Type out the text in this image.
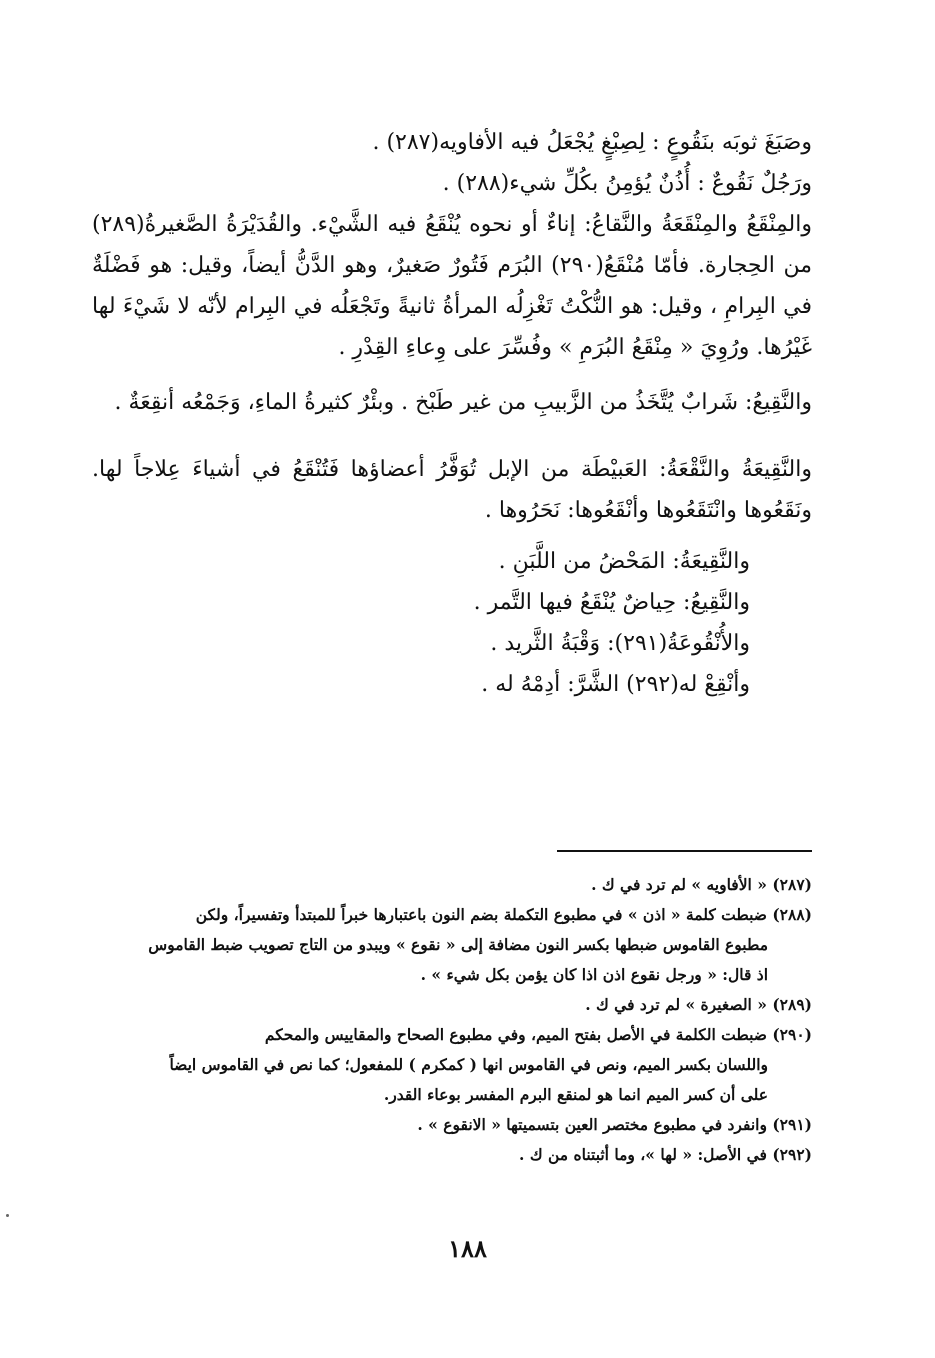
وصَبَغَ ثوبَه بنَقُوعٍ : لِصِبْغٍ يُجْعَلُ فيه الأفاويه(٢٨٧) .

ورَجُلٌ نَقُوعٌ : أُذُنٌ يُؤمِنُ بكُلِّ شيء(٢٨٨) .

والمِنْقَعُ والمِنْقَعَةُ والنَّقاعُ: إناءٌ أو نحوه يُنْقَعُ فيه الشَّيْء. والقُدَيْرَةُ الصَّغيرةُ(٢٨٩) من الحِجارة. فأمّا مُنْقَعُ(٢٩٠) البُرَم فَتُورٌ صَغيرٌ، وهو الدَّنُّ أيضاً، وقيل: هو فَضْلَةٌ في البِرامِ ، وقيل: هو النُّكْتُ تَغْزِلُه المرأةُ ثانيةً وتَجْعَلُه في البِرام لأنّه لا شَيْءَ لها غَيْرُها. ورُوِيَ « مِنْقَعُ البُرَمِ » وفُسِّرَ على وِعاءِ القِدْرِ .

والنَّقِيعُ: شَرابٌ يُتَّخَذُ من الزَّبيبِ من غير طَبْخ . وبئْرٌ كثيرةُ الماءِ، وَجَمْعُه أنقِعَةٌ .

والنَّقِيعَةُ والنَّقْعَةُ: العَبيْطَة من الإبل تُوَفَّرُ أعضاؤها فَتُنْقَعُ في أشياءَ عِلاجاً لها. ونَقَعُوها وانْتَقَعُوها وأنْقَعُوها: نَحَرُوها .

والنَّقِيعَةُ: المَحْضُ من اللَّبَنِ .
والنَّقِيعُ: حِياضٌ يُنْقَعُ فيها التَّمر .
والأُنْقُوعَةُ(٢٩١): وَقْبَةُ الثَّريد .
وأنْقِعْ له(٢٩٢) الشَّرَّ: أدِمْهُ له .

(٢٨٧) « الأفاويه » لم ترد في ك .

(٢٨٨) ضبطت كلمة « اذن » في مطبوع التكملة بضم النون باعتبارها خبراً للمبتدأ وتفسيراً، ولكن

مطبوع القاموس ضبطها بكسر النون مضافة إلى « نقوع » ويبدو من التاج تصويب ضبط القاموس

اذ قال: « ورجل نقوع اذن اذا كان يؤمن بكل شيء » .

(٢٨٩) « الصغيرة » لم ترد في ك .

(٢٩٠) ضبطت الكلمة في الأصل بفتح الميم، وفي مطبوع الصحاح والمقاييس والمحكم

واللسان بكسر الميم، ونص في القاموس انها ( كمكرم ) للمفعول؛ كما نص في القاموس ايضاً

على أن كسر الميم انما هو لمنقع البرم المفسر بوعاء القدر.

(٢٩١) وانفرد في مطبوع مختصر العين بتسميتها « الانقوع » .

(٢٩٢) في الأصل: « لها »، وما أثبتناه من ك .

١٨٨
